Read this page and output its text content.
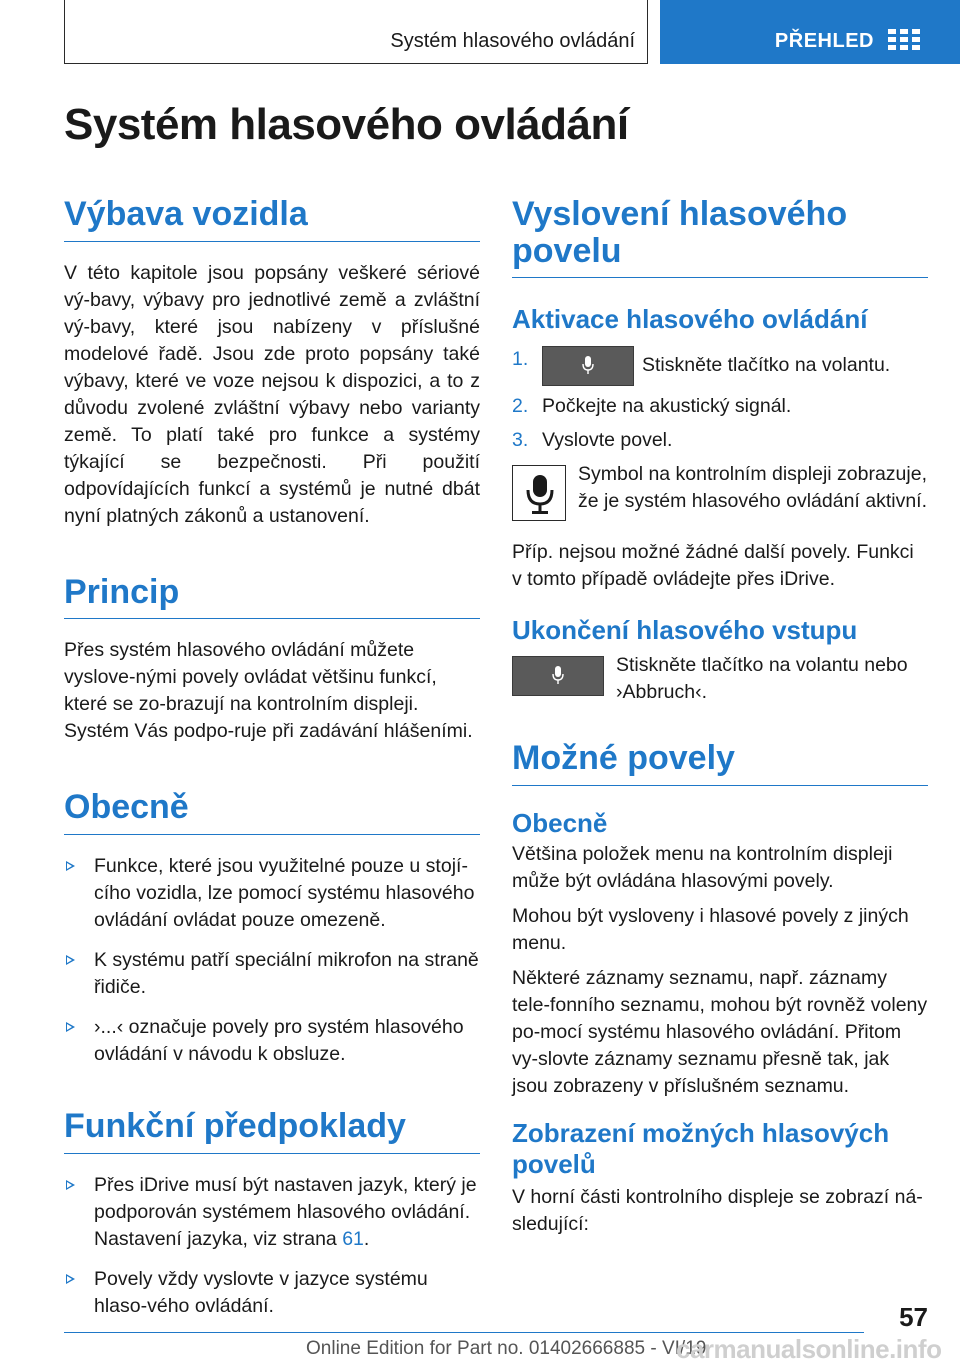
Systém hlasového ovládání	PŘEHLED
Systém hlasového ovládání
Výbava vozidla

V této kapitole jsou popsány veškeré sériové vý-bavy, výbavy pro jednotlivé země a zvláštní vý-bavy, které jsou nabízeny v příslušné modelové řadě. Jsou zde proto popsány také výbavy, které ve voze nejsou k dispozici, a to z důvodu zvolené zvláštní výbavy nebo varianty země. To platí také pro funkce a systémy týkající se bezpečnosti. Při použití odpovídajících funkcí a systémů je nutné dbát nyní platných zákonů a ustanovení.

Princip

Přes systém hlasového ovládání můžete vyslove-nými povely ovládat většinu funkcí, které se zo-brazují na kontrolním displeji. Systém Vás podpo-ruje při zadávání hlášeními.

Obecně
Funkce, které jsou využitelné pouze u stojí-cího vozidla, lze pomocí systému hlasového ovládání ovládat pouze omezeně.
K systému patří speciální mikrofon na straně řidiče.
›...‹ označuje povely pro systém hlasového ovládání v návodu k obsluze.
Funkční předpoklady
Přes iDrive musí být nastaven jazyk, který je podporován systémem hlasového ovládání. Nastavení jazyka, viz strana 61.
Povely vždy vyslovte v jazyce systému hlaso-vého ovládání.
Vyslovení hlasového povelu
Aktivace hlasového ovládání
1.	Stiskněte tlačítko na volantu.
2. Počkejte na akustický signál.
3. Vyslovte povel.
Symbol na kontrolním displeji zobrazuje, že je systém hlasového ovládání aktivní.

Příp. nejsou možné žádné další povely. Funkci v tomto případě ovládejte přes iDrive.

Ukončení hlasového vstupu
Stiskněte tlačítko na volantu nebo ›Abbruch‹.
Možné povely
Obecně

Většina položek menu na kontrolním displeji může být ovládána hlasovými povely.

Mohou být vysloveny i hlasové povely z jiných menu.

Některé záznamy seznamu, např. záznamy tele-fonního seznamu, mohou být rovněž voleny po-mocí systému hlasového ovládání. Přitom vy-slovte záznamy seznamu přesně tak, jak jsou zobrazeny v příslušném seznamu.

Zobrazení možných hlasových povelů

V horní části kontrolního displeje se zobrazí ná-sledující:

57
Online Edition for Part no. 01402666885 - VI/19
carmanualsonline.info
